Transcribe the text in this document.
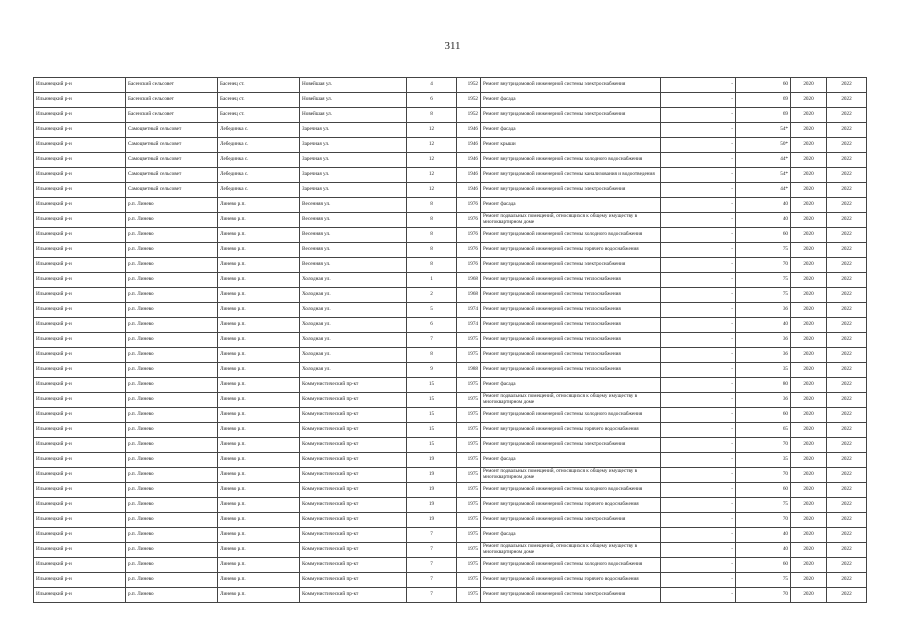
311
Ильинецкий р-н	Басенский сельсовет	Басенец ст.	Новейшая ул.	4	1952	Ремонт внутридомовой инженерной системы электроснабжения	-	60	2020	2022
Ильинецкий р-н	Басенский сельсовет	Басенец ст.	Новейшая ул.	6	1952	Ремонт фасада	-	69	2020	2022
Ильинецкий р-н	Басенский сельсовет	Басенец ст.	Новейшая ул.	8	1952	Ремонт внутридомовой инженерной системы электроснабжения	-	69	2020	2022
Ильинецкий р-н	Самоцветный сельсовет	Лебединка с.	Заречная ул.	12	1946	Ремонт фасада	-	54*	2020	2022
Ильинецкий р-н	Самоцветный сельсовет	Лебединка с.	Заречная ул.	12	1946	Ремонт крыши	-	50*	2020	2022
Ильинецкий р-н	Самоцветный сельсовет	Лебединка с.	Заречная ул.	12	1946	Ремонт внутридомовой инженерной системы холодного водоснабжения	-	44*	2020	2022
Ильинецкий р-н	Самоцветный сельсовет	Лебединка с.	Заречная ул.	12	1946	Ремонт внутридомовой инженерной системы канализования и водоотведения	-	54*	2020	2022
Ильинецкий р-н	Самоцветный сельсовет	Лебединка с.	Заречная ул.	12	1946	Ремонт внутридомовой инженерной системы электроснабжения	-	44*	2020	2022
Ильинецкий р-н	р.п. Линево	Линево р.п.	Весенняя ул.	8	1976	Ремонт фасада	-	40	2020	2022
Ильинецкий р-н	р.п. Линево	Линево р.п.	Весенняя ул.	8	1976	Ремонт подвальных помещений, относящихся к общему имуществу в многоквартирном доме	-	40	2020	2022
Ильинецкий р-н	р.п. Линево	Линево р.п.	Весенняя ул.	8	1976	Ремонт внутридомовой инженерной системы холодного водоснабжения	-	60	2020	2022
Ильинецкий р-н	р.п. Линево	Линево р.п.	Весенняя ул.	8	1976	Ремонт внутридомовой инженерной системы горячего водоснабжения	-	75	2020	2022
Ильинецкий р-н	р.п. Линево	Линево р.п.	Весенняя ул.	8	1976	Ремонт внутридомовой инженерной системы электроснабжения	-	70	2020	2022
Ильинецкий р-н	р.п. Линево	Линево р.п.	Холодная ул.	1	1968	Ремонт внутридомовой инженерной системы теплоснабжения	-	75	2020	2022
Ильинецкий р-н	р.п. Линево	Линево р.п.	Холодная ул.	2	1968	Ремонт внутридомовой инженерной системы теплоснабжения	-	75	2020	2022
Ильинецкий р-н	р.п. Линево	Линево р.п.	Холодная ул.	5	1974	Ремонт внутридомовой инженерной системы теплоснабжения	-	36	2020	2022
Ильинецкий р-н	р.п. Линево	Линево р.п.	Холодная ул.	6	1974	Ремонт внутридомовой инженерной системы теплоснабжения	-	40	2020	2022
Ильинецкий р-н	р.п. Линево	Линево р.п.	Холодная ул.	7	1975	Ремонт внутридомовой инженерной системы теплоснабжения	-	36	2020	2022
Ильинецкий р-н	р.п. Линево	Линево р.п.	Холодная ул.	8	1975	Ремонт внутридомовой инженерной системы теплоснабжения	-	36	2020	2022
Ильинецкий р-н	р.п. Линево	Линево р.п.	Холодная ул.	9	1988	Ремонт внутридомовой инженерной системы теплоснабжения	-	35	2020	2022
Ильинецкий р-н	р.п. Линево	Линево р.п.	Коммунистический пр-кт	15	1975	Ремонт фасада	-	80	2020	2022
Ильинецкий р-н	р.п. Линево	Линево р.п.	Коммунистический пр-кт	15	1975	Ремонт подвальных помещений, относящихся к общему имуществу в многоквартирном доме	-	36	2020	2022
Ильинецкий р-н	р.п. Линево	Линево р.п.	Коммунистический пр-кт	15	1975	Ремонт внутридомовой инженерной системы холодного водоснабжения	-	60	2020	2022
Ильинецкий р-н	р.п. Линево	Линево р.п.	Коммунистический пр-кт	15	1975	Ремонт внутридомовой инженерной системы горячего водоснабжения	-	65	2020	2022
Ильинецкий р-н	р.п. Линево	Линево р.п.	Коммунистический пр-кт	15	1975	Ремонт внутридомовой инженерной системы электроснабжения	-	70	2020	2022
Ильинецкий р-н	р.п. Линево	Линево р.п.	Коммунистический пр-кт	19	1975	Ремонт фасада	-	35	2020	2022
Ильинецкий р-н	р.п. Линево	Линево р.п.	Коммунистический пр-кт	19	1975	Ремонт подвальных помещений, относящихся к общему имуществу в многоквартирном доме	-	70	2020	2022
Ильинецкий р-н	р.п. Линево	Линево р.п.	Коммунистический пр-кт	19	1975	Ремонт внутридомовой инженерной системы холодного водоснабжения	-	60	2020	2022
Ильинецкий р-н	р.п. Линево	Линево р.п.	Коммунистический пр-кт	19	1975	Ремонт внутридомовой инженерной системы горячего водоснабжения	-	75	2020	2022
Ильинецкий р-н	р.п. Линево	Линево р.п.	Коммунистический пр-кт	19	1975	Ремонт внутридомовой инженерной системы электроснабжения	-	70	2020	2022
Ильинецкий р-н	р.п. Линево	Линево р.п.	Коммунистический пр-кт	7	1975	Ремонт фасада	-	40	2020	2022
Ильинецкий р-н	р.п. Линево	Линево р.п.	Коммунистический пр-кт	7	1975	Ремонт подвальных помещений, относящихся к общему имуществу в многоквартирном доме	-	40	2020	2022
Ильинецкий р-н	р.п. Линево	Линево р.п.	Коммунистический пр-кт	7	1975	Ремонт внутридомовой инженерной системы холодного водоснабжения	-	60	2020	2022
Ильинецкий р-н	р.п. Линево	Линево р.п.	Коммунистический пр-кт	7	1975	Ремонт внутридомовой инженерной системы горячего водоснабжения	-	75	2020	2022
Ильинецкий р-н	р.п. Линево	Линево р.п.	Коммунистический пр-кт	7	1975	Ремонт внутридомовой инженерной системы электроснабжения	-	70	2020	2022
